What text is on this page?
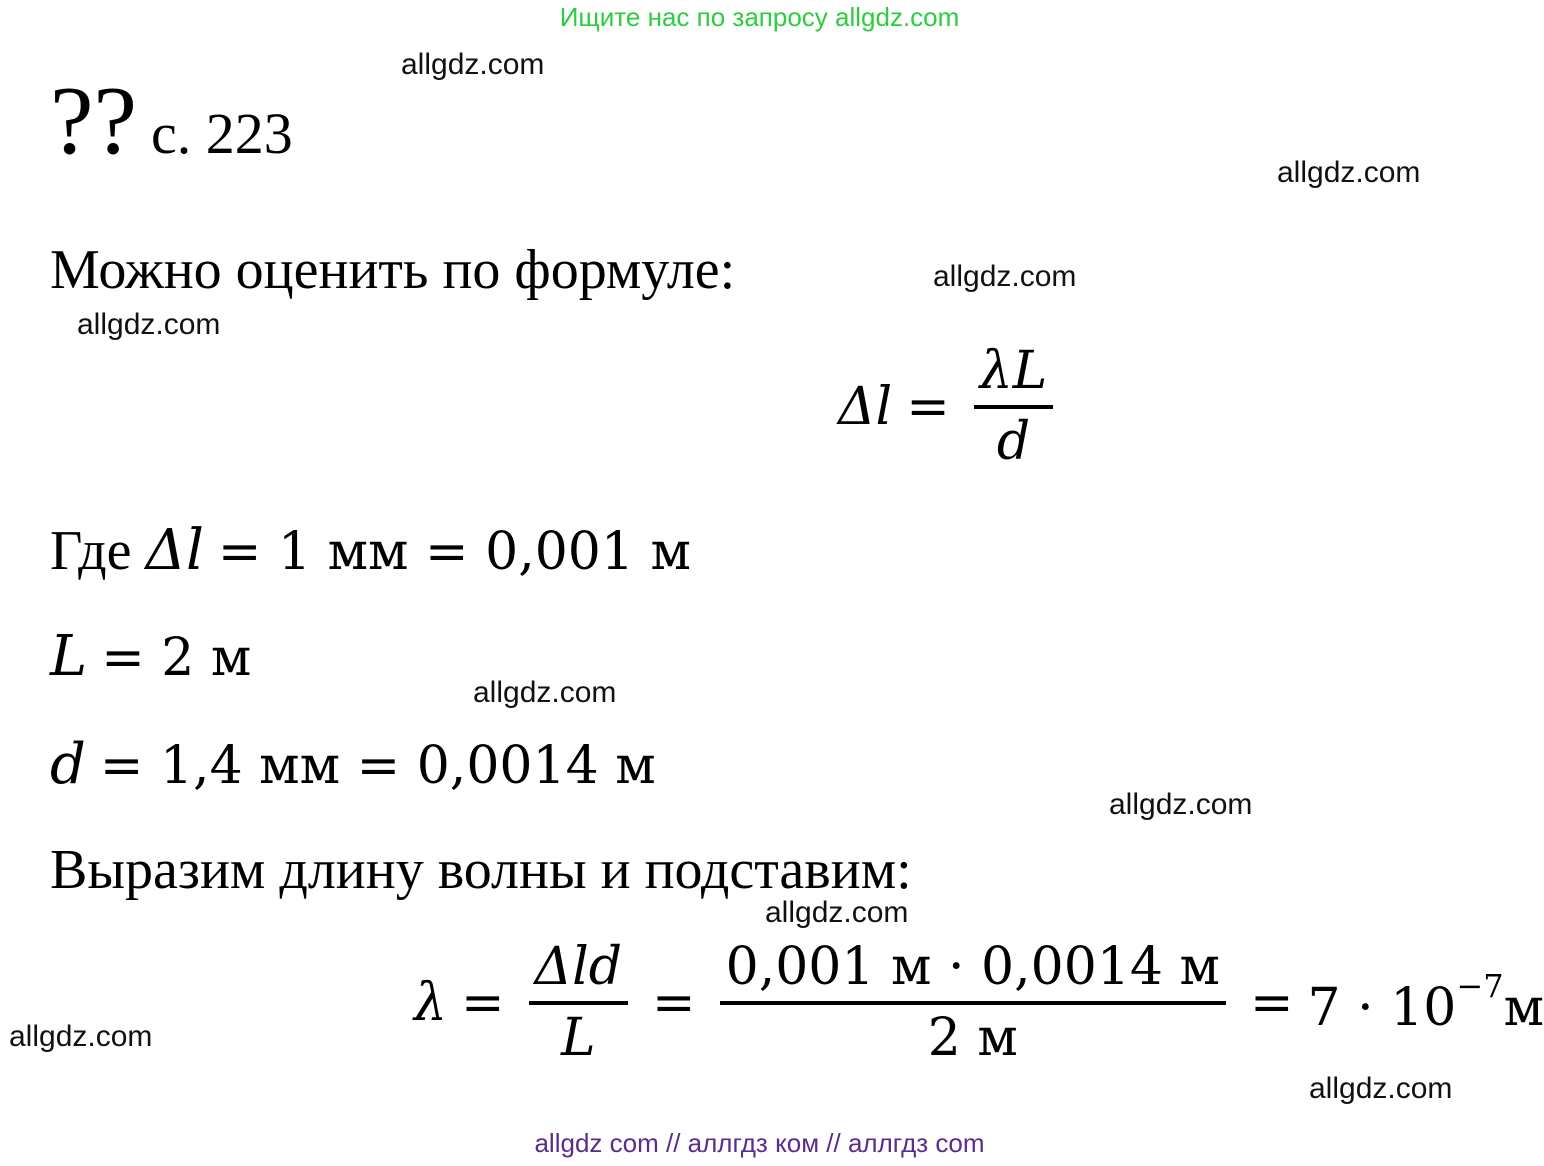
Ищите нас по запросу allgdz.com
allgdz.com
allgdz.com
allgdz.com
allgdz.com
allgdz.com
allgdz.com
allgdz.com
allgdz.com
allgdz.com
?? с. 223
Можно оценить по формуле:
$\Delta l = \frac{\lambda L}{d}$
Где Δl = 1 мм = 0,001 м
L = 2 м
d = 1,4 мм = 0,0014 м
Выразим длину волны и подставим:
$\lambda = \frac{\text{Δld}}{L} = \frac{0,001 м \cdot 0,0014 м}{2 м} = 7 \cdot 10^{-7}м$
allgdz com // аллгдз ком // аллгдз com
